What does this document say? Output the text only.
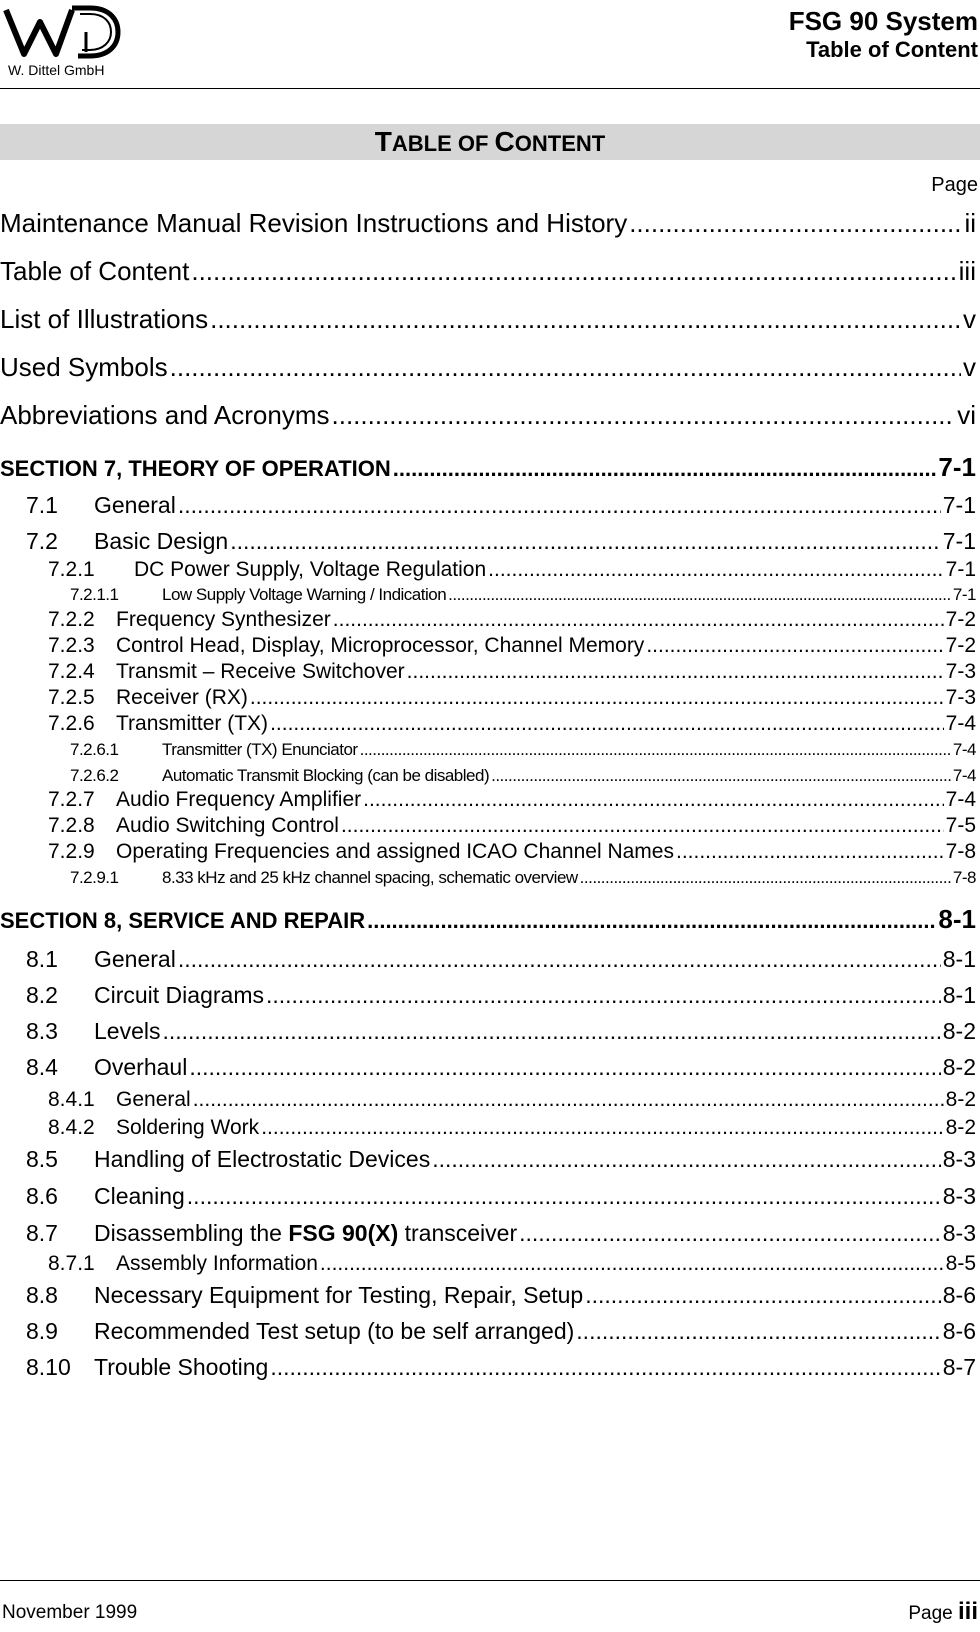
W. Dittel GmbH
FSG 90 System
Table of Content
TABLE OF CONTENT
Page
Maintenance Manual Revision Instructions and History .....	ii
Table of Content .....	iii
List of Illustrations .....	v
Used Symbols .....	v
Abbreviations and Acronyms .....	vi
SECTION 7, THEORY OF OPERATION .....	7-1
7.1	General .....	7-1
7.2	Basic Design .....	7-1
7.2.1	DC Power Supply, Voltage Regulation .....	7-1
7.2.1.1	Low Supply Voltage Warning / Indication .....	7-1
7.2.2	Frequency Synthesizer .....	7-2
7.2.3	Control Head, Display, Microprocessor, Channel Memory .....	7-2
7.2.4	Transmit – Receive Switchover .....	7-3
7.2.5	Receiver (RX) .....	7-3
7.2.6	Transmitter (TX) .....	7-4
7.2.6.1	Transmitter (TX) Enunciator .....	7-4
7.2.6.2	Automatic Transmit Blocking (can be disabled) .....	7-4
7.2.7	Audio Frequency Amplifier .....	7-4
7.2.8	Audio Switching Control .....	7-5
7.2.9	Operating Frequencies and assigned ICAO Channel Names .....	7-8
7.2.9.1	8.33 kHz and 25 kHz channel spacing, schematic overview .....	7-8
SECTION 8, SERVICE AND REPAIR .....	8-1
8.1	General .....	8-1
8.2	Circuit Diagrams .....	8-1
8.3	Levels .....	8-2
8.4	Overhaul .....	8-2
8.4.1	General .....	8-2
8.4.2	Soldering Work .....	8-2
8.5	Handling of Electrostatic Devices .....	8-3
8.6	Cleaning .....	8-3
8.7	Disassembling the FSG 90(X) transceiver .....	8-3
8.7.1	Assembly Information .....	8-5
8.8	Necessary Equipment for Testing, Repair, Setup .....	8-6
8.9	Recommended Test setup (to be self arranged) .....	8-6
8.10	Trouble Shooting .....	8-7
November 1999	Page iii
